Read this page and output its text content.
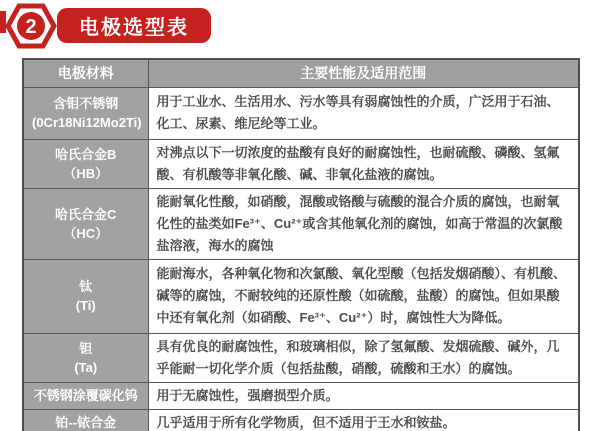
2 电极选型表
电极材料	主要性能及适用范围
含钼不锈钢
(0Cr18Ni12Mo2Ti)	用于工业水、生活用水、污水等具有弱腐蚀性的介质，广泛用于石油、化工、尿素、维尼纶等工业。
哈氏合金B
（HB）	对沸点以下一切浓度的盐酸有良好的耐腐蚀性，也耐硫酸、磷酸、氢氟酸、有机酸等非氧化酸、碱、非氧化盐液的腐蚀。
哈氏合金C
（HC）	能耐氧化性酸，如硝酸，混酸或铬酸与硫酸的混合介质的腐蚀，也耐氧化性的盐类如Fe³⁺、Cu²⁺或含其他氧化剂的腐蚀，如高于常温的次氯酸盐溶液，海水的腐蚀
钛
(Ti)	能耐海水，各种氧化物和次氯酸、氧化型酸（包括发烟硝酸）、有机酸、碱等的腐蚀，不耐较纯的还原性酸（如硫酸，盐酸）的腐蚀。但如果酸中还有氧化剂（如硝酸、Fe³⁺、Cu²⁺）时，腐蚀性大为降低。
钽
(Ta)	具有优良的耐腐蚀性，和玻璃相似，除了氢氟酸、发烟硫酸、碱外，几乎能耐一切化学介质（包括盐酸，硝酸，硫酸和王水）的腐蚀。
不锈钢涂覆碳化钨	用于无腐蚀性，强磨损型介质。
铂--铱合金	几乎适用于所有化学物质，但不适用于王水和铵盐。
